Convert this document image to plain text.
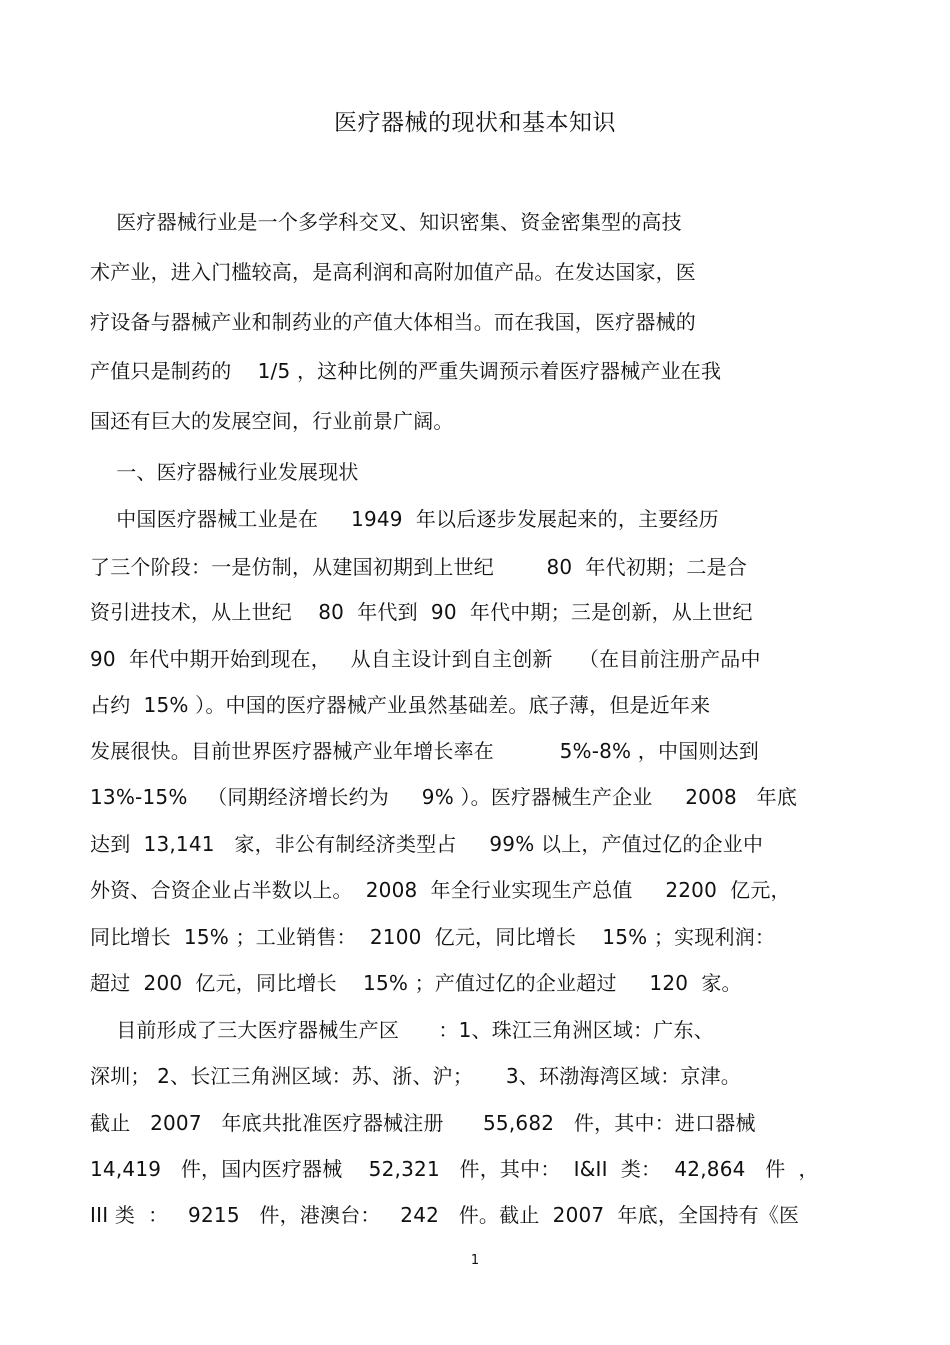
医疗器械的现状和基本知识
医疗器械行业是一个多学科交叉、知识密集、资金密集型的高技
术产业，进入门槛较高，是高利润和高附加值产品。在发达国家，医
疗设备与器械产业和制药业的产值大体相当。而在我国，医疗器械的
产值只是制药的    1/5 ，这种比例的严重失调预示着医疗器械产业在我
国还有巨大的发展空间，行业前景广阔。
一、医疗器械行业发展现状
中国医疗器械工业是在     1949  年以后逐步发展起来的，主要经历
了三个阶段：一是仿制，从建国初期到上世纪        80  年代初期；二是合
资引进技术，从上世纪    80  年代到  90  年代中期；三是创新，从上世纪
90  年代中期开始到现在，   从自主设计到自主创新    （在目前注册产品中
占约  15% ）。中国的医疗器械产业虽然基础差。底子薄，但是近年来
发展很快。目前世界医疗器械产业年增长率在          5%-8% ，中国则达到
13%-15%   （同期经济增长约为     9% ）。医疗器械生产企业     2008   年底
达到  13,141   家，非公有制经济类型占     99% 以上，产值过亿的企业中
外资、合资企业占半数以上。  2008  年全行业实现生产总值     2200  亿元，
同比增长  15% ；工业销售：  2100  亿元，同比增长    15% ；实现利润：
超过  200  亿元，同比增长    15% ；产值过亿的企业超过     120  家。
目前形成了三大医疗器械生产区      ：1、珠江三角洲区域：广东、
深圳； 2、长江三角洲区域：苏、浙、沪；     3、环渤海湾区域：京津。
截止   2007   年底共批准医疗器械注册      55,682   件，其中：进口器械
14,419   件，国内医疗器械    52,321   件，其中：  I&II  类：  42,864   件  ，
III 类  ：   9215   件，港澳台：   242   件。截止  2007  年底，全国持有《医
1
